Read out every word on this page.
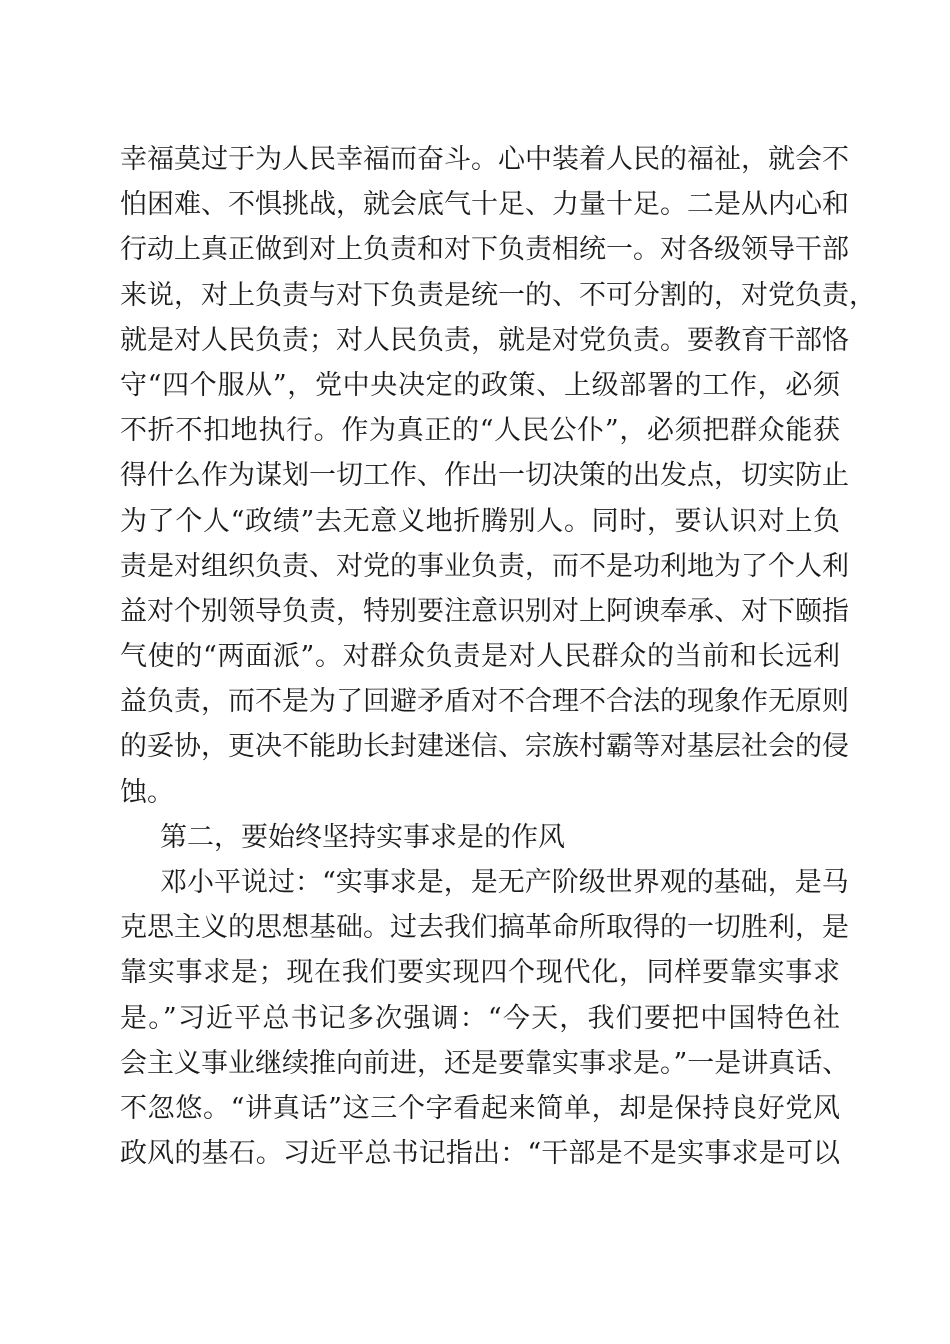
幸福莫过于为人民幸福而奋斗。心中装着人民的福祉，就会不
怕困难、不惧挑战，就会底气十足、力量十足。二是从内心和
行动上真正做到对上负责和对下负责相统一。对各级领导干部
来说，对上负责与对下负责是统一的、不可分割的，对党负责，
就是对人民负责；对人民负责，就是对党负责。要教育干部恪
守“四个服从”，党中央决定的政策、上级部署的工作，必须
不折不扣地执行。作为真正的“人民公仆”，必须把群众能获
得什么作为谋划一切工作、作出一切决策的出发点，切实防止
为了个人“政绩”去无意义地折腾别人。同时，要认识对上负
责是对组织负责、对党的事业负责，而不是功利地为了个人利
益对个别领导负责，特别要注意识别对上阿谀奉承、对下颐指
气使的“两面派”。对群众负责是对人民群众的当前和长远利
益负责，而不是为了回避矛盾对不合理不合法的现象作无原则
的妥协，更决不能助长封建迷信、宗族村霸等对基层社会的侵
蚀。
第二，要始终坚持实事求是的作风
邓小平说过：“实事求是，是无产阶级世界观的基础，是马
克思主义的思想基础。过去我们搞革命所取得的一切胜利，是
靠实事求是；现在我们要实现四个现代化，同样要靠实事求
是。”习近平总书记多次强调：“今天，我们要把中国特色社
会主义事业继续推向前进，还是要靠实事求是。”一是讲真话、
不忽悠。“讲真话”这三个字看起来简单，却是保持良好党风
政风的基石。习近平总书记指出：“干部是不是实事求是可以
